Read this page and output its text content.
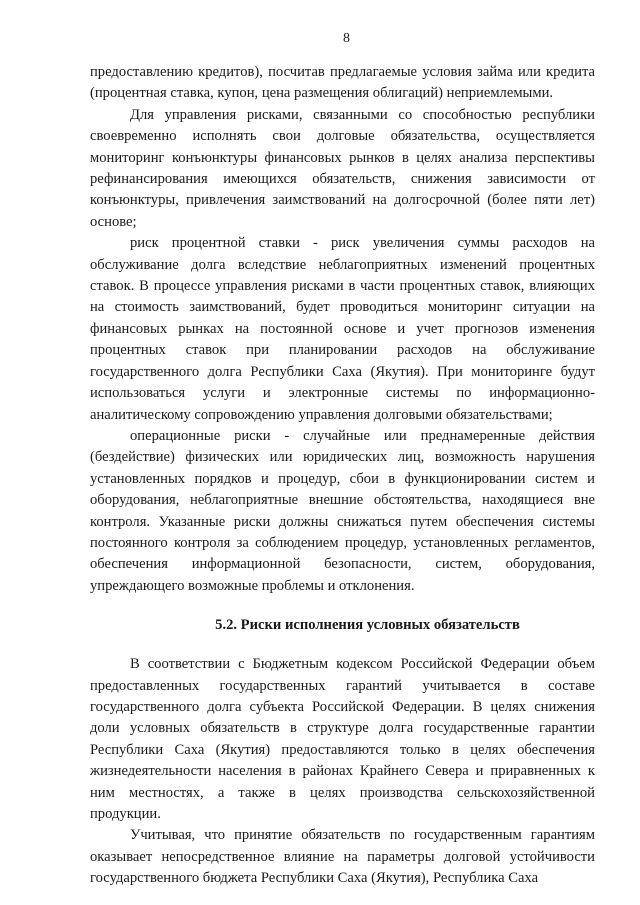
8

предоставлению кредитов), посчитав предлагаемые условия займа или кредита (процентная ставка, купон, цена размещения облигаций) неприемлемыми.

Для управления рисками, связанными со способностью республики своевременно исполнять свои долговые обязательства, осуществляется мониторинг конъюнктуры финансовых рынков в целях анализа перспективы рефинансирования имеющихся обязательств, снижения зависимости от конъюнктуры, привлечения заимствований на долгосрочной (более пяти лет) основе;

риск процентной ставки - риск увеличения суммы расходов на обслуживание долга вследствие неблагоприятных изменений процентных ставок. В процессе управления рисками в части процентных ставок, влияющих на стоимость заимствований, будет проводиться мониторинг ситуации на финансовых рынках на постоянной основе и учет прогнозов изменения процентных ставок при планировании расходов на обслуживание государственного долга Республики Саха (Якутия). При мониторинге будут использоваться услуги и электронные системы по информационно-аналитическому сопровождению управления долговыми обязательствами;

операционные риски - случайные или преднамеренные действия (бездействие) физических или юридических лиц, возможность нарушения установленных порядков и процедур, сбои в функционировании систем и оборудования, неблагоприятные внешние обстоятельства, находящиеся вне контроля. Указанные риски должны снижаться путем обеспечения системы постоянного контроля за соблюдением процедур, установленных регламентов, обеспечения информационной безопасности, систем, оборудования, упреждающего возможные проблемы и отклонения.

5.2. Риски исполнения условных обязательств

В соответствии с Бюджетным кодексом Российской Федерации объем предоставленных государственных гарантий учитывается в составе государственного долга субъекта Российской Федерации. В целях снижения доли условных обязательств в структуре долга государственные гарантии Республики Саха (Якутия) предоставляются только в целях обеспечения жизнедеятельности населения в районах Крайнего Севера и приравненных к ним местностях, а также в целях производства сельскохозяйственной продукции.

Учитывая, что принятие обязательств по государственным гарантиям оказывает непосредственное влияние на параметры долговой устойчивости государственного бюджета Республики Саха (Якутия), Республика Саха
